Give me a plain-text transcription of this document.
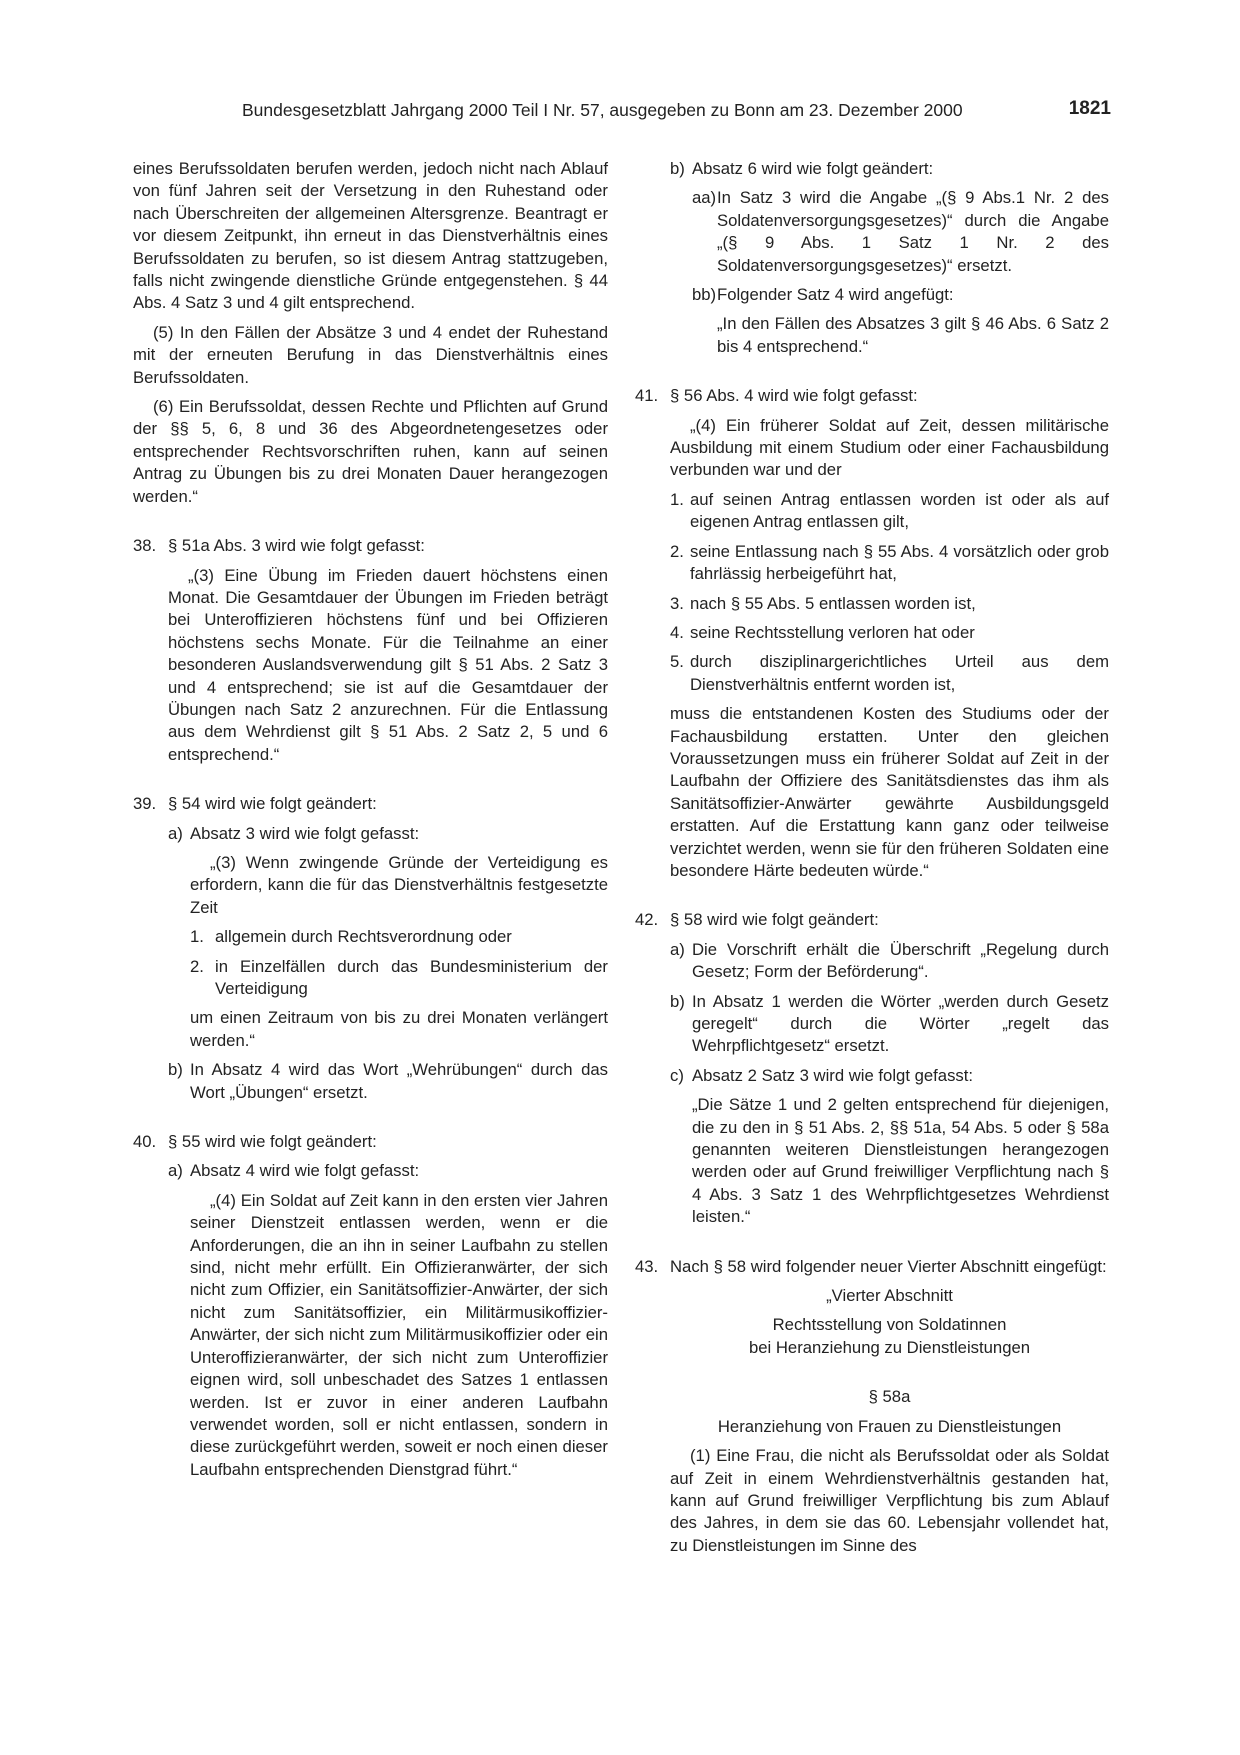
Bundesgesetzblatt Jahrgang 2000 Teil I Nr. 57, ausgegeben zu Bonn am 23. Dezember 2000	1821

eines Berufssoldaten berufen werden, jedoch nicht nach Ablauf von fünf Jahren seit der Versetzung in den Ruhestand oder nach Überschreiten der allgemeinen Altersgrenze. Beantragt er vor diesem Zeitpunkt, ihn erneut in das Dienstverhältnis eines Berufssoldaten zu berufen, so ist diesem Antrag stattzugeben, falls nicht zwingende dienstliche Gründe entgegenstehen. § 44 Abs. 4 Satz 3 und 4 gilt entsprechend.

(5) In den Fällen der Absätze 3 und 4 endet der Ruhestand mit der erneuten Berufung in das Dienstverhältnis eines Berufssoldaten.

(6) Ein Berufssoldat, dessen Rechte und Pflichten auf Grund der §§ 5, 6, 8 und 36 des Abgeordnetengesetzes oder entsprechender Rechtsvorschriften ruhen, kann auf seinen Antrag zu Übungen bis zu drei Monaten Dauer herangezogen werden.“

38. § 51a Abs. 3 wird wie folgt gefasst:

„(3) Eine Übung im Frieden dauert höchstens einen Monat. Die Gesamtdauer der Übungen im Frieden beträgt bei Unteroffizieren höchstens fünf und bei Offizieren höchstens sechs Monate. Für die Teilnahme an einer besonderen Auslandsverwendung gilt § 51 Abs. 2 Satz 3 und 4 entsprechend; sie ist auf die Gesamtdauer der Übungen nach Satz 2 anzurechnen. Für die Entlassung aus dem Wehrdienst gilt § 51 Abs. 2 Satz 2, 5 und 6 entsprechend.“

39. § 54 wird wie folgt geändert:
a) Absatz 3 wird wie folgt gefasst:

„(3) Wenn zwingende Gründe der Verteidigung es erfordern, kann die für das Dienstverhältnis festgesetzte Zeit

1. allgemein durch Rechtsverordnung oder
2. in Einzelfällen durch das Bundesministerium der Verteidigung

um einen Zeitraum von bis zu drei Monaten verlängert werden.“

b) In Absatz 4 wird das Wort „Wehrübungen“ durch das Wort „Übungen“ ersetzt.
40. § 55 wird wie folgt geändert:
a) Absatz 4 wird wie folgt gefasst:

„(4) Ein Soldat auf Zeit kann in den ersten vier Jahren seiner Dienstzeit entlassen werden, wenn er die Anforderungen, die an ihn in seiner Laufbahn zu stellen sind, nicht mehr erfüllt. Ein Offizieranwärter, der sich nicht zum Offizier, ein Sanitätsoffizier-Anwärter, der sich nicht zum Sanitätsoffizier, ein Militärmusikoffizier-Anwärter, der sich nicht zum Militärmusikoffizier oder ein Unteroffizieranwärter, der sich nicht zum Unteroffizier eignen wird, soll unbeschadet des Satzes 1 entlassen werden. Ist er zuvor in einer anderen Laufbahn verwendet worden, soll er nicht entlassen, sondern in diese zurückgeführt werden, soweit er noch einen dieser Laufbahn entsprechenden Dienstgrad führt.“

b) Absatz 6 wird wie folgt geändert:
aa) In Satz 3 wird die Angabe „(§ 9 Abs.1 Nr. 2 des Soldatenversorgungsgesetzes)“ durch die Angabe „(§ 9 Abs. 1 Satz 1 Nr. 2 des Soldatenversorgungsgesetzes)“ ersetzt.
bb) Folgender Satz 4 wird angefügt:

„In den Fällen des Absatzes 3 gilt § 46 Abs. 6 Satz 2 bis 4 entsprechend.“

41. § 56 Abs. 4 wird wie folgt gefasst:

„(4) Ein früherer Soldat auf Zeit, dessen militärische Ausbildung mit einem Studium oder einer Fachausbildung verbunden war und der

1. auf seinen Antrag entlassen worden ist oder als auf eigenen Antrag entlassen gilt,
2. seine Entlassung nach § 55 Abs. 4 vorsätzlich oder grob fahrlässig herbeigeführt hat,
3. nach § 55 Abs. 5 entlassen worden ist,
4. seine Rechtsstellung verloren hat oder
5. durch disziplinargerichtliches Urteil aus dem Dienstverhältnis entfernt worden ist,

muss die entstandenen Kosten des Studiums oder der Fachausbildung erstatten. Unter den gleichen Voraussetzungen muss ein früherer Soldat auf Zeit in der Laufbahn der Offiziere des Sanitätsdienstes das ihm als Sanitätsoffizier-Anwärter gewährte Ausbildungsgeld erstatten. Auf die Erstattung kann ganz oder teilweise verzichtet werden, wenn sie für den früheren Soldaten eine besondere Härte bedeuten würde.“

42. § 58 wird wie folgt geändert:
a) Die Vorschrift erhält die Überschrift „Regelung durch Gesetz; Form der Beförderung“.
b) In Absatz 1 werden die Wörter „werden durch Gesetz geregelt“ durch die Wörter „regelt das Wehrpflichtgesetz“ ersetzt.
c) Absatz 2 Satz 3 wird wie folgt gefasst:

„Die Sätze 1 und 2 gelten entsprechend für diejenigen, die zu den in § 51 Abs. 2, §§ 51a, 54 Abs. 5 oder § 58a genannten weiteren Dienstleistungen herangezogen werden oder auf Grund freiwilliger Verpflichtung nach § 4 Abs. 3 Satz 1 des Wehrpflichtgesetzes Wehrdienst leisten.“

43. Nach § 58 wird folgender neuer Vierter Abschnitt eingefügt:

„Vierter Abschnitt

Rechtsstellung von Soldatinnen

bei Heranziehung zu Dienstleistungen

§ 58a

Heranziehung von Frauen zu Dienstleistungen

(1) Eine Frau, die nicht als Berufssoldat oder als Soldat auf Zeit in einem Wehrdienstverhältnis gestanden hat, kann auf Grund freiwilliger Verpflichtung bis zum Ablauf des Jahres, in dem sie das 60. Lebensjahr vollendet hat, zu Dienstleistungen im Sinne des
